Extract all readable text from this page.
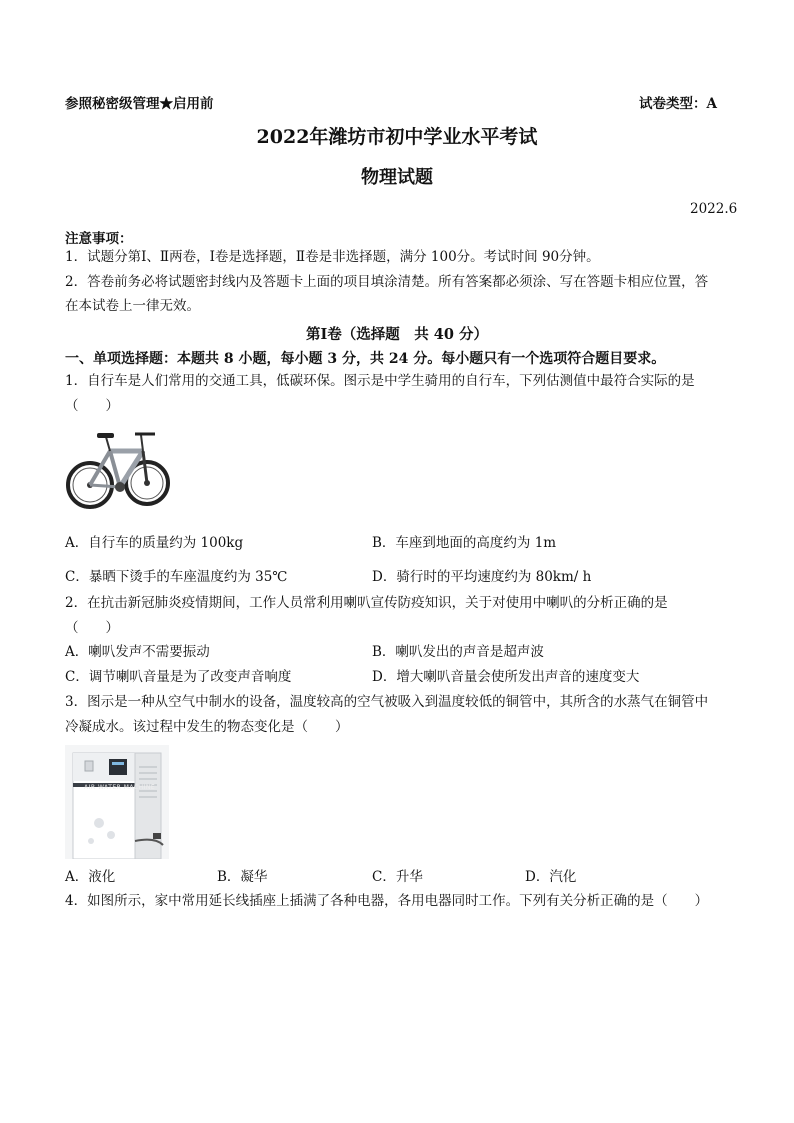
参照秘密级管理★启用前	试卷类型：A
2022年潍坊市初中学业水平考试
物理试题
2022.6
注意事项：
1．试题分第Ⅰ、Ⅱ两卷，Ⅰ卷是选择题，Ⅱ卷是非选择题，满分 100分。考试时间 90分钟。
2．答卷前务必将试题密封线内及答题卡上面的项目填涂清楚。所有答案都必须涂、写在答题卡相应位置，答
在本试卷上一律无效。
第Ⅰ卷（选择题　共 40 分）
一、单项选择题：本题共 8 小题，每小题 3 分，共 24 分。每小题只有一个选项符合题目要求。
1．自行车是人们常用的交通工具，低碳环保。图示是中学生骑用的自行车，下列估测值中最符合实际的是
（　　）
A．自行车的质量约为 100kg	B．车座到地面的高度约为 1m
C．暴晒下烫手的车座温度约为 35℃	D．骑行时的平均速度约为 80km/ h
2．在抗击新冠肺炎疫情期间，工作人员常利用喇叭宣传防疫知识，关于对使用中喇叭的分析正确的是
（　　）
A．喇叭发声不需要振动	B．喇叭发出的声音是超声波
C．调节喇叭音量是为了改变声音响度	D．增大喇叭音量会使所发出声音的速度变大
3．图示是一种从空气中制水的设备，温度较高的空气被吸入到温度较低的铜管中，其所含的水蒸气在铜管中
冷凝成水。该过程中发生的物态变化是（　　）
AIR WATER MACHINE
A．液化	B．凝华	C．升华	D．汽化
4．如图所示，家中常用延长线插座上插满了各种电器，各用电器同时工作。下列有关分析正确的是（　　）
